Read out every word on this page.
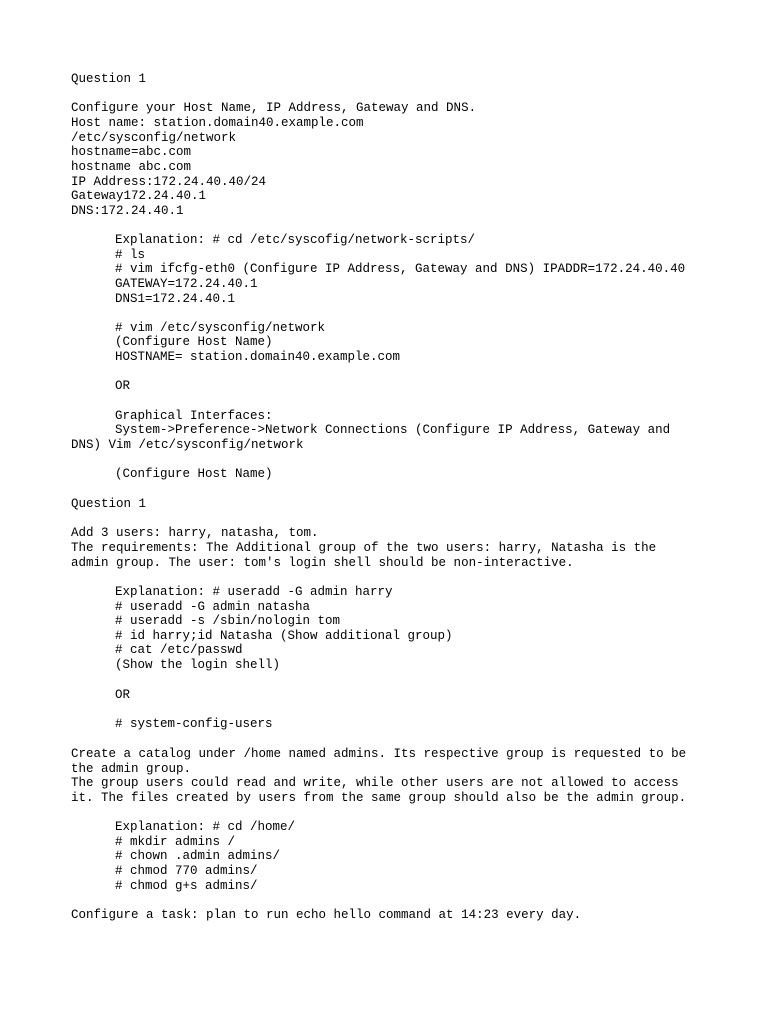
Question 1
Configure your Host Name, IP Address, Gateway and DNS.
Host name: station.domain40.example.com
/etc/sysconfig/network
hostname=abc.com
hostname abc.com
IP Address:172.24.40.40/24
Gateway172.24.40.1
DNS:172.24.40.1
Explanation: # cd /etc/syscofig/network-scripts/
# ls
# vim ifcfg-eth0 (Configure IP Address, Gateway and DNS) IPADDR=172.24.40.40
GATEWAY=172.24.40.1
DNS1=172.24.40.1
# vim /etc/sysconfig/network
(Configure Host Name)
HOSTNAME= station.domain40.example.com
OR
Graphical Interfaces:
System->Preference->Network Connections (Configure IP Address, Gateway and
DNS) Vim /etc/sysconfig/network
(Configure Host Name)
Question 1
Add 3 users: harry, natasha, tom.
The requirements: The Additional group of the two users: harry, Natasha is the
admin group. The user: tom's login shell should be non-interactive.
Explanation: # useradd -G admin harry
# useradd -G admin natasha
# useradd -s /sbin/nologin tom
# id harry;id Natasha (Show additional group)
# cat /etc/passwd
(Show the login shell)
OR
# system-config-users
Create a catalog under /home named admins. Its respective group is requested to be
the admin group.
The group users could read and write, while other users are not allowed to access
it. The files created by users from the same group should also be the admin group.
Explanation: # cd /home/
# mkdir admins /
# chown .admin admins/
# chmod 770 admins/
# chmod g+s admins/
Configure a task: plan to run echo hello command at 14:23 every day.
